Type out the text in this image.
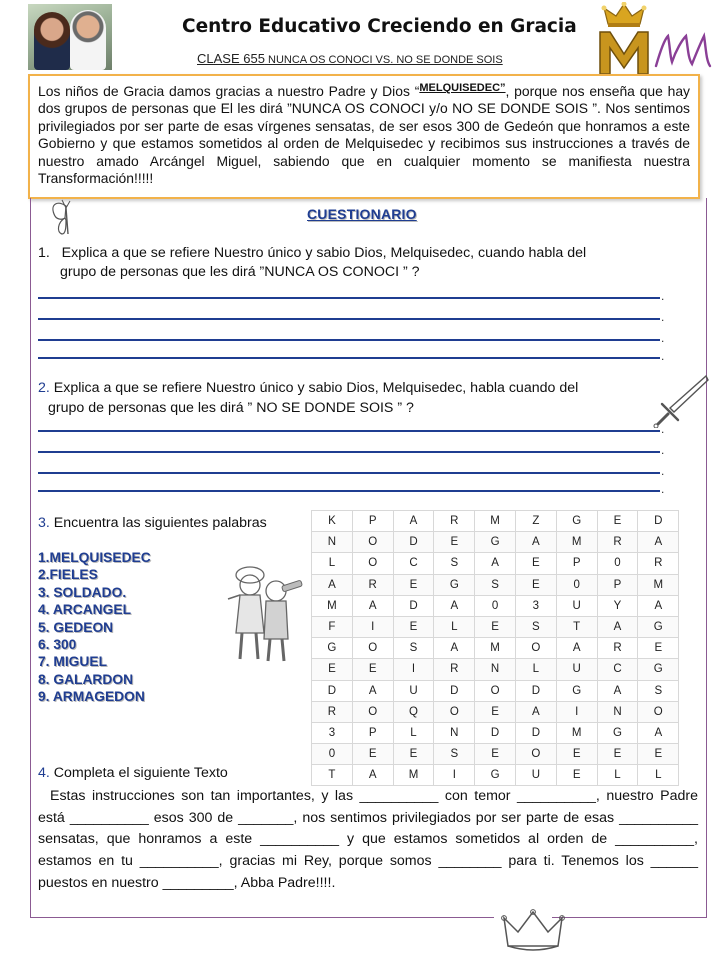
Centro Educativo Creciendo en Gracia
CLASE 655 NUNCA OS CONOCI VS. NO SE DONDE SOIS
Los niños de Gracia damos gracias a nuestro Padre y Dios “$^{MELQUISEDEC”}$, porque nos enseña que hay dos grupos de personas que El les dirá ”NUNCA OS CONOCI y/o NO SE DONDE SOIS ”. Nos sentimos privilegiados por ser parte de esas vírgenes sensatas, de ser esos 300 de Gedeón que honramos a este Gobierno y que estamos sometidos al orden de Melquisedec y recibimos sus instrucciones a través de nuestro amado Arcángel Miguel, sabiendo que en cualquier momento se manifiesta nuestra Transformación!!!!!
CUESTIONARIO
1. Explica a que se refiere Nuestro único y sabio Dios, Melquisedec, cuando habla del
grupo de personas que les dirá ”NUNCA OS CONOCI ” ?
.
.
.
.
2. Explica a que se refiere Nuestro único y sabio Dios, Melquisedec, habla cuando del
grupo de personas que les dirá ” NO SE DONDE SOIS ” ?
.
.
.
.
3. Encuentra las siguientes palabras
1.MELQUISEDEC
2.FIELES
3. SOLDADO.
4. ARCANGEL
5. GEDEON
6. 300
7. MIGUEL
8. GALARDON
9. ARMAGEDON
K	P	A	R	M	Z	G	E	D
N	O	D	E	G	A	M	R	A
L	O	C	S	A	E	P	0	R
A	R	E	G	S	E	0	P	M
M	A	D	A	0	3	U	Y	A
F	I	E	L	E	S	T	A	G
G	O	S	A	M	O	A	R	E
E	E	I	R	N	L	U	C	G
D	A	U	D	O	D	G	A	S
R	O	Q	O	E	A	I	N	O
3	P	L	N	D	D	M	G	A
0	E	E	S	E	O	E	E	E
T	A	M	I	G	U	E	L	L
4. Completa el siguiente Texto
Estas instrucciones son tan importantes, y las __________ con temor __________, nuestro Padre está __________ esos 300 de _______, nos sentimos privilegiados por ser parte de esas __________ sensatas, que honramos a este __________ y que estamos sometidos al orden de __________, estamos en tu __________, gracias mi Rey, porque somos ________ para ti. Tenemos los ______ puestos en nuestro _________, Abba Padre!!!!.
